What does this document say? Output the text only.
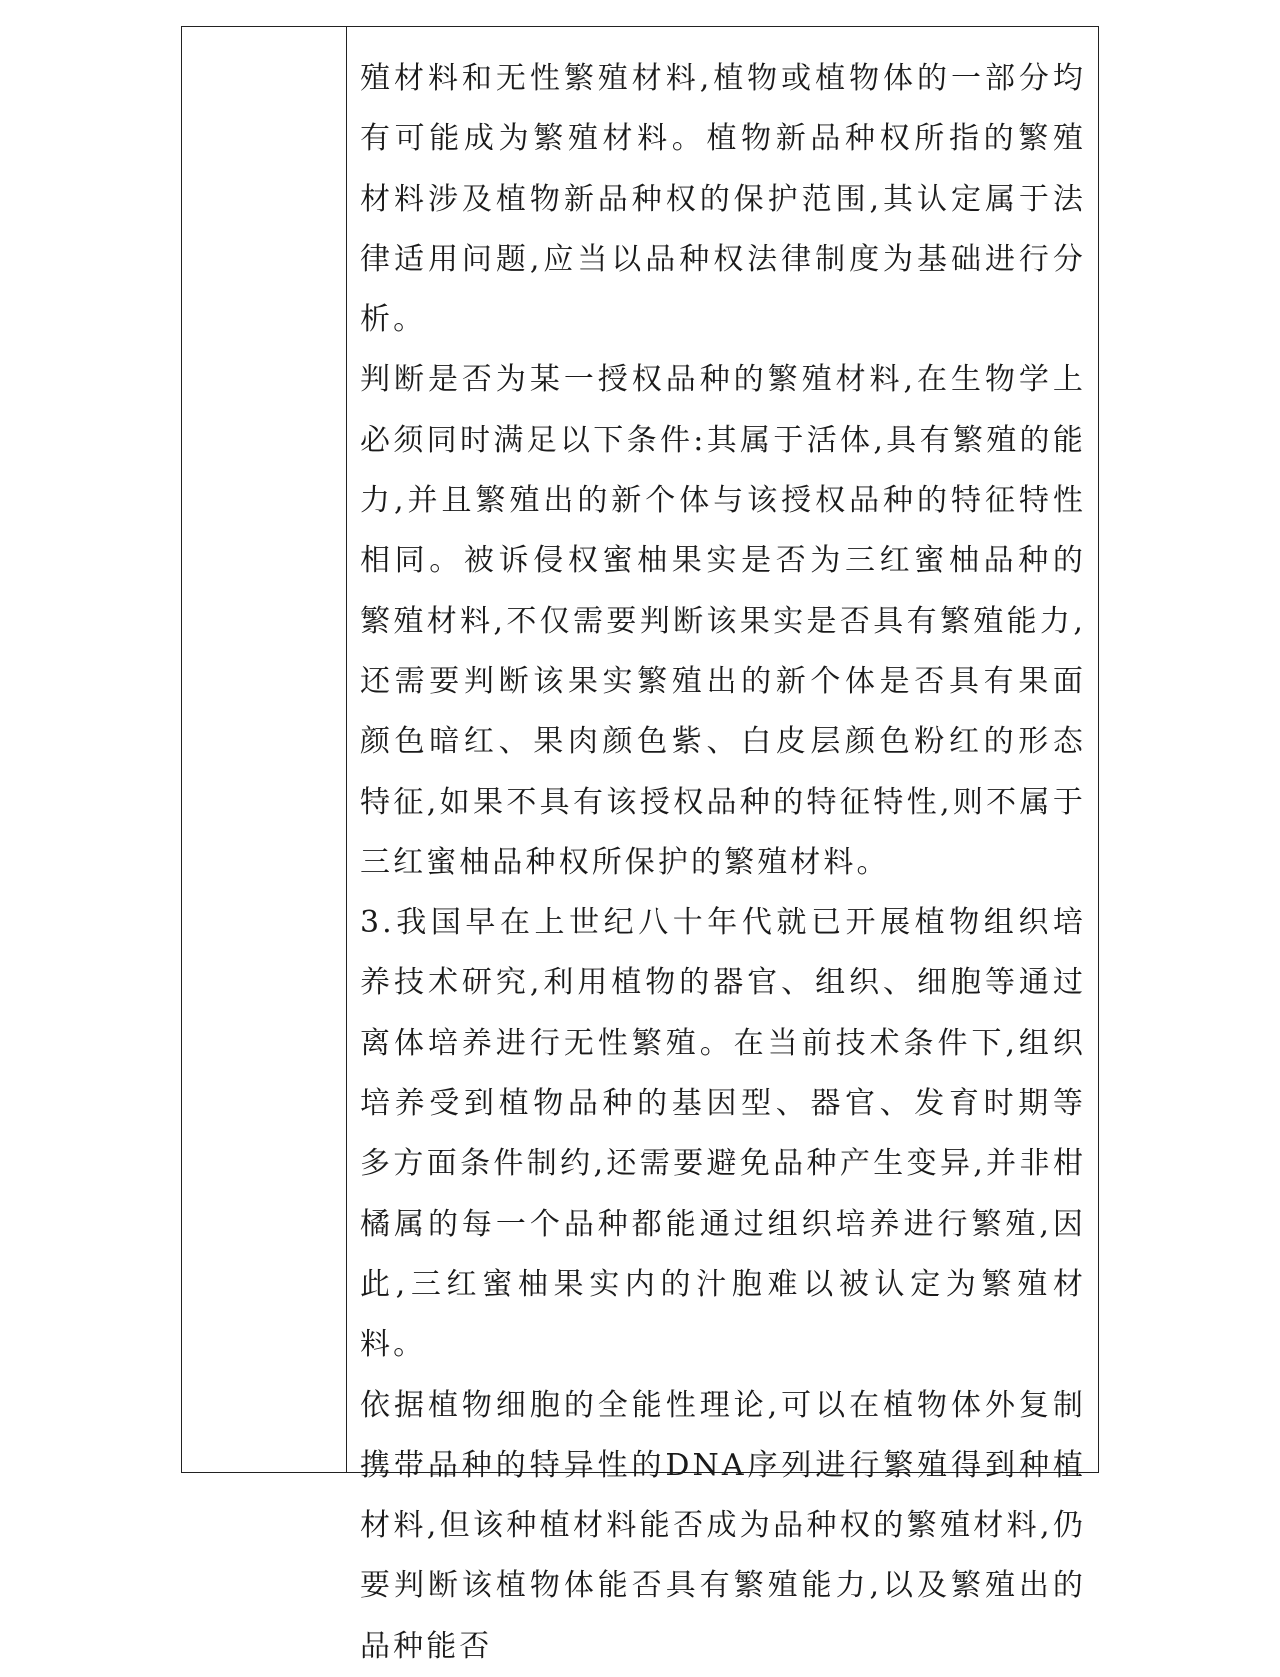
殖材料和无性繁殖材料,植物或植物体的一部分均有可能成为繁殖材料。植物新品种权所指的繁殖材料涉及植物新品种权的保护范围,其认定属于法律适用问题,应当以品种权法律制度为基础进行分析。

判断是否为某一授权品种的繁殖材料,在生物学上必须同时满足以下条件:其属于活体,具有繁殖的能力,并且繁殖出的新个体与该授权品种的特征特性相同。被诉侵权蜜柚果实是否为三红蜜柚品种的繁殖材料,不仅需要判断该果实是否具有繁殖能力,还需要判断该果实繁殖出的新个体是否具有果面颜色暗红、果肉颜色紫、白皮层颜色粉红的形态特征,如果不具有该授权品种的特征特性,则不属于三红蜜柚品种权所保护的繁殖材料。

3.我国早在上世纪八十年代就已开展植物组织培养技术研究,利用植物的器官、组织、细胞等通过离体培养进行无性繁殖。在当前技术条件下,组织培养受到植物品种的基因型、器官、发育时期等多方面条件制约,还需要避免品种产生变异,并非柑橘属的每一个品种都能通过组织培养进行繁殖,因此,三红蜜柚果实内的汁胞难以被认定为繁殖材料。

依据植物细胞的全能性理论,可以在植物体外复制携带品种的特异性的DNA序列进行繁殖得到种植材料,但该种植材料能否成为品种权的繁殖材料,仍要判断该植物体能否具有繁殖能力,以及繁殖出的品种能否
